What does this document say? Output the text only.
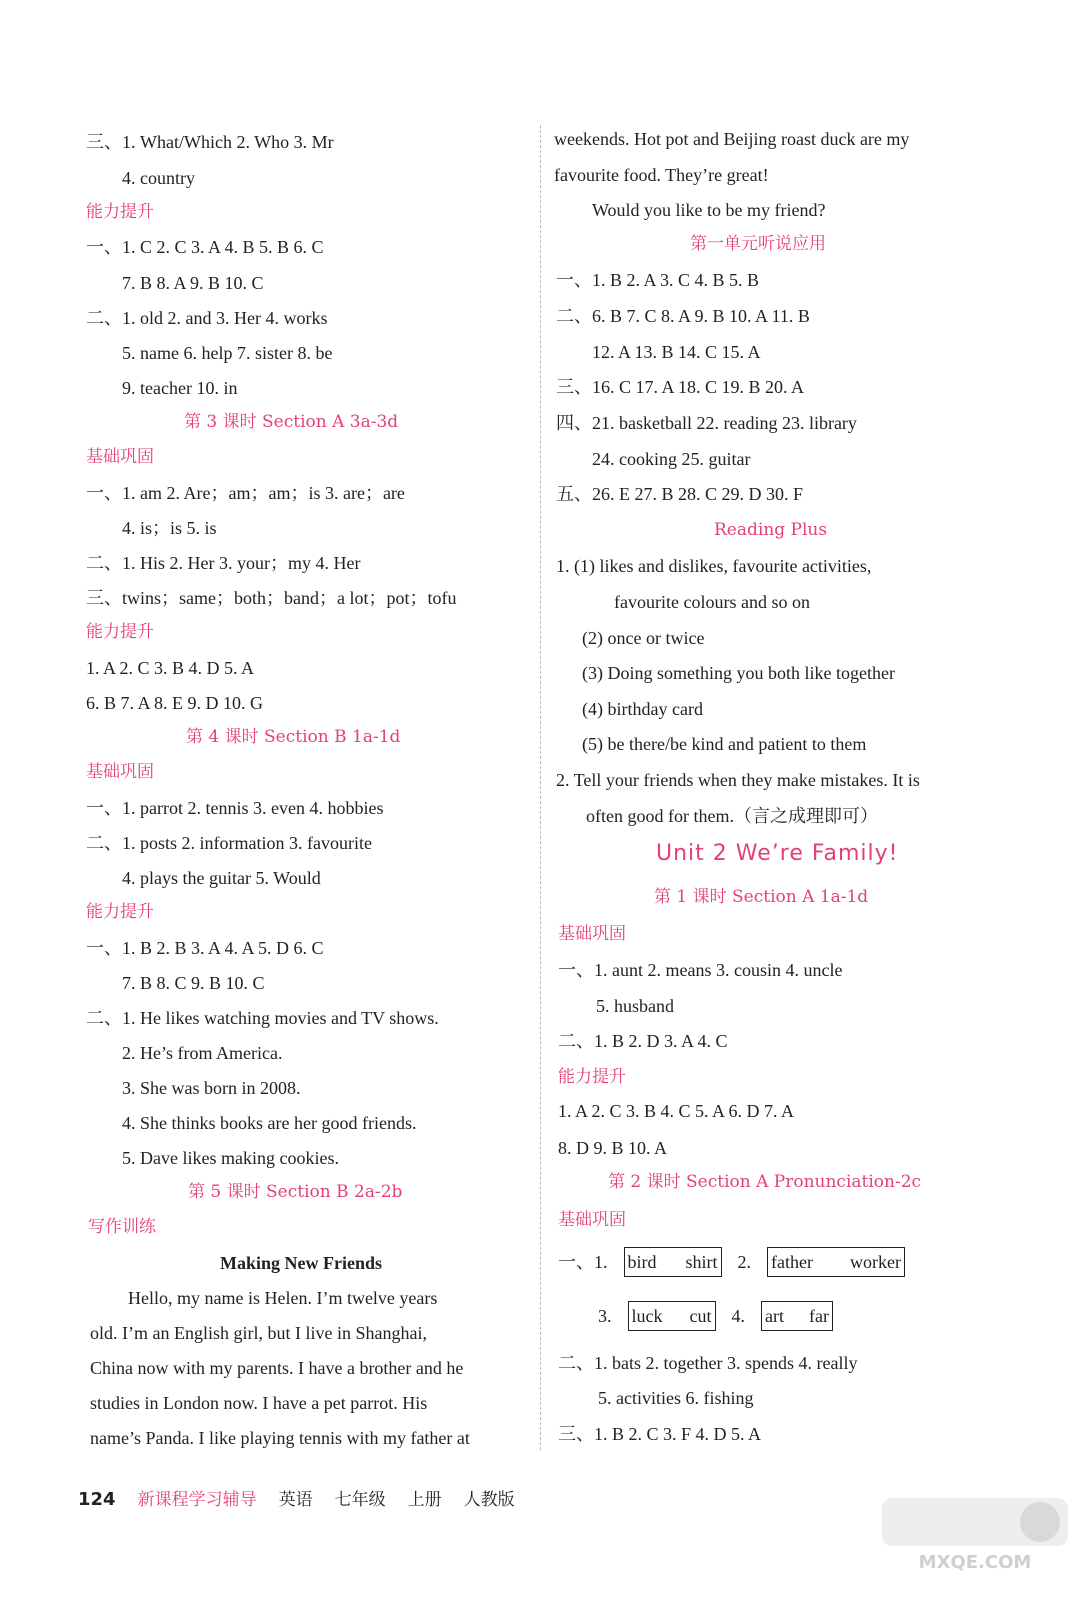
三、1. What/Which 2. Who 3. Mr
4. country
能力提升
一、1. C 2. C 3. A 4. B 5. B 6. C
7. B 8. A 9. B 10. C
二、1. old 2. and 3. Her 4. works
5. name 6. help 7. sister 8. be
9. teacher 10. in
第 3 课时 Section A 3a-3d
基础巩固
一、1. am 2. Are；am；am；is 3. are；are
4. is；is 5. is
二、1. His 2. Her 3. your；my 4. Her
三、twins；same；both；band；a lot；pot；tofu
能力提升
1. A 2. C 3. B 4. D 5. A
6. B 7. A 8. E 9. D 10. G
第 4 课时 Section B 1a-1d
基础巩固
一、1. parrot 2. tennis 3. even 4. hobbies
二、1. posts 2. information 3. favourite
4. plays the guitar 5. Would
能力提升
一、1. B 2. B 3. A 4. A 5. D 6. C
7. B 8. C 9. B 10. C
二、1. He likes watching movies and TV shows.
2. He’s from America.
3. She was born in 2008.
4. She thinks books are her good friends.
5. Dave likes making cookies.
第 5 课时 Section B 2a-2b
写作训练
Making New Friends
Hello, my name is Helen. I’m twelve years
old. I’m an English girl, but I live in Shanghai,
China now with my parents. I have a brother and he
studies in London now. I have a pet parrot. His
name’s Panda. I like playing tennis with my father at
weekends. Hot pot and Beijing roast duck are my
favourite food. They’re great!
Would you like to be my friend?
第一单元听说应用
一、1. B 2. A 3. C 4. B 5. B
二、6. B 7. C 8. A 9. B 10. A 11. B
12. A 13. B 14. C 15. A
三、16. C 17. A 18. C 19. B 20. A
四、21. basketball 22. reading 23. library
24. cooking 25. guitar
五、26. E 27. B 28. C 29. D 30. F
Reading Plus
1. (1) likes and dislikes, favourite activities,
favourite colours and so on
(2) once or twice
(3) Doing something you both like together
(4) birthday card
(5) be there/be kind and patient to them
2. Tell your friends when they make mistakes. It is
often good for them.（言之成理即可）
Unit 2 We’re Family!
第 1 课时 Section A 1a-1d
基础巩固
一、1. aunt 2. means 3. cousin 4. uncle
5. husband
二、1. B 2. D 3. A 4. C
能力提升
1. A 2. C 3. B 4. C 5. A 6. D 7. A
8. D 9. B 10. A
第 2 课时 Section A Pronunciation-2c
基础巩固
一、1. bird shirt 2. father worker
3. luck cut 4. art far
二、1. bats 2. together 3. spends 4. really
5. activities 6. fishing
三、1. B 2. C 3. F 4. D 5. A
124 新课程学习辅导 英语 七年级 上册 人教版
MXQE.COM
